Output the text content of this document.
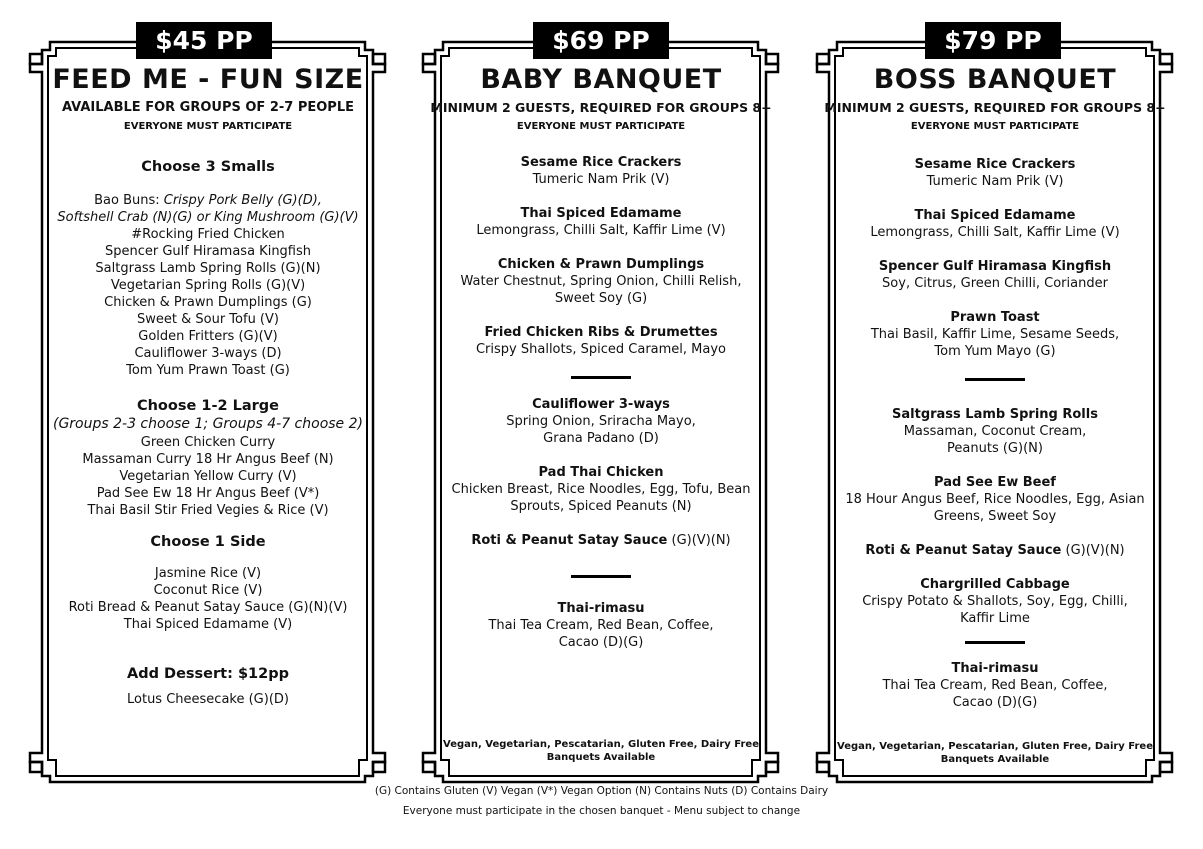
$45 PP
FEED ME - FUN SIZE
AVAILABLE FOR GROUPS OF 2-7 PEOPLE
EVERYONE MUST PARTICIPATE
Choose 3 Smalls
Bao Buns: Crispy Pork Belly (G)(D),
Softshell Crab (N)(G) or King Mushroom (G)(V)
#Rocking Fried Chicken
Spencer Gulf Hiramasa Kingfish
Saltgrass Lamb Spring Rolls (G)(N)
Vegetarian Spring Rolls (G)(V)
Chicken & Prawn Dumplings (G)
Sweet & Sour Tofu (V)
Golden Fritters (G)(V)
Cauliflower 3-ways (D)
Tom Yum Prawn Toast (G)
Choose 1-2 Large
(Groups 2-3 choose 1; Groups 4-7 choose 2)
Green Chicken Curry
Massaman Curry 18 Hr Angus Beef (N)
Vegetarian Yellow Curry (V)
Pad See Ew 18 Hr Angus Beef (V*)
Thai Basil Stir Fried Vegies & Rice (V)
Choose 1 Side
Jasmine Rice (V)
Coconut Rice (V)
Roti Bread & Peanut Satay Sauce (G)(N)(V)
Thai Spiced Edamame (V)
Add Dessert: $12pp
Lotus Cheesecake (G)(D)
$69 PP
BABY BANQUET
MINIMUM 2 GUESTS, REQUIRED FOR GROUPS 8+
EVERYONE MUST PARTICIPATE
Sesame Rice Crackers
Tumeric Nam Prik (V)
Thai Spiced Edamame
Lemongrass, Chilli Salt, Kaffir Lime (V)
Chicken & Prawn Dumplings
Water Chestnut, Spring Onion, Chilli Relish,
Sweet Soy (G)
Fried Chicken Ribs & Drumettes
Crispy Shallots, Spiced Caramel, Mayo
Cauliflower 3-ways
Spring Onion, Sriracha Mayo,
Grana Padano (D)
Pad Thai Chicken
Chicken Breast, Rice Noodles, Egg, Tofu, Bean
Sprouts, Spiced Peanuts (N)
Roti & Peanut Satay Sauce (G)(V)(N)
Thai-rimasu
Thai Tea Cream, Red Bean, Coffee,
Cacao (D)(G)
Vegan, Vegetarian, Pescatarian, Gluten Free, Dairy Free
Banquets Available
$79 PP
BOSS BANQUET
MINIMUM 2 GUESTS, REQUIRED FOR GROUPS 8+
EVERYONE MUST PARTICIPATE
Sesame Rice Crackers
Tumeric Nam Prik (V)
Thai Spiced Edamame
Lemongrass, Chilli Salt, Kaffir Lime (V)
Spencer Gulf Hiramasa Kingfish
Soy, Citrus, Green Chilli, Coriander
Prawn Toast
Thai Basil, Kaffir Lime, Sesame Seeds,
Tom Yum Mayo (G)
Saltgrass Lamb Spring Rolls
Massaman, Coconut Cream,
Peanuts (G)(N)
Pad See Ew Beef
18 Hour Angus Beef, Rice Noodles, Egg, Asian
Greens, Sweet Soy
Roti & Peanut Satay Sauce (G)(V)(N)
Chargrilled Cabbage
Crispy Potato & Shallots, Soy, Egg, Chilli,
Kaffir Lime
Thai-rimasu
Thai Tea Cream, Red Bean, Coffee,
Cacao (D)(G)
Vegan, Vegetarian, Pescatarian, Gluten Free, Dairy Free
Banquets Available
(G) Contains Gluten (V) Vegan (V*) Vegan Option (N) Contains Nuts (D) Contains Dairy
Everyone must participate in the chosen banquet - Menu subject to change
